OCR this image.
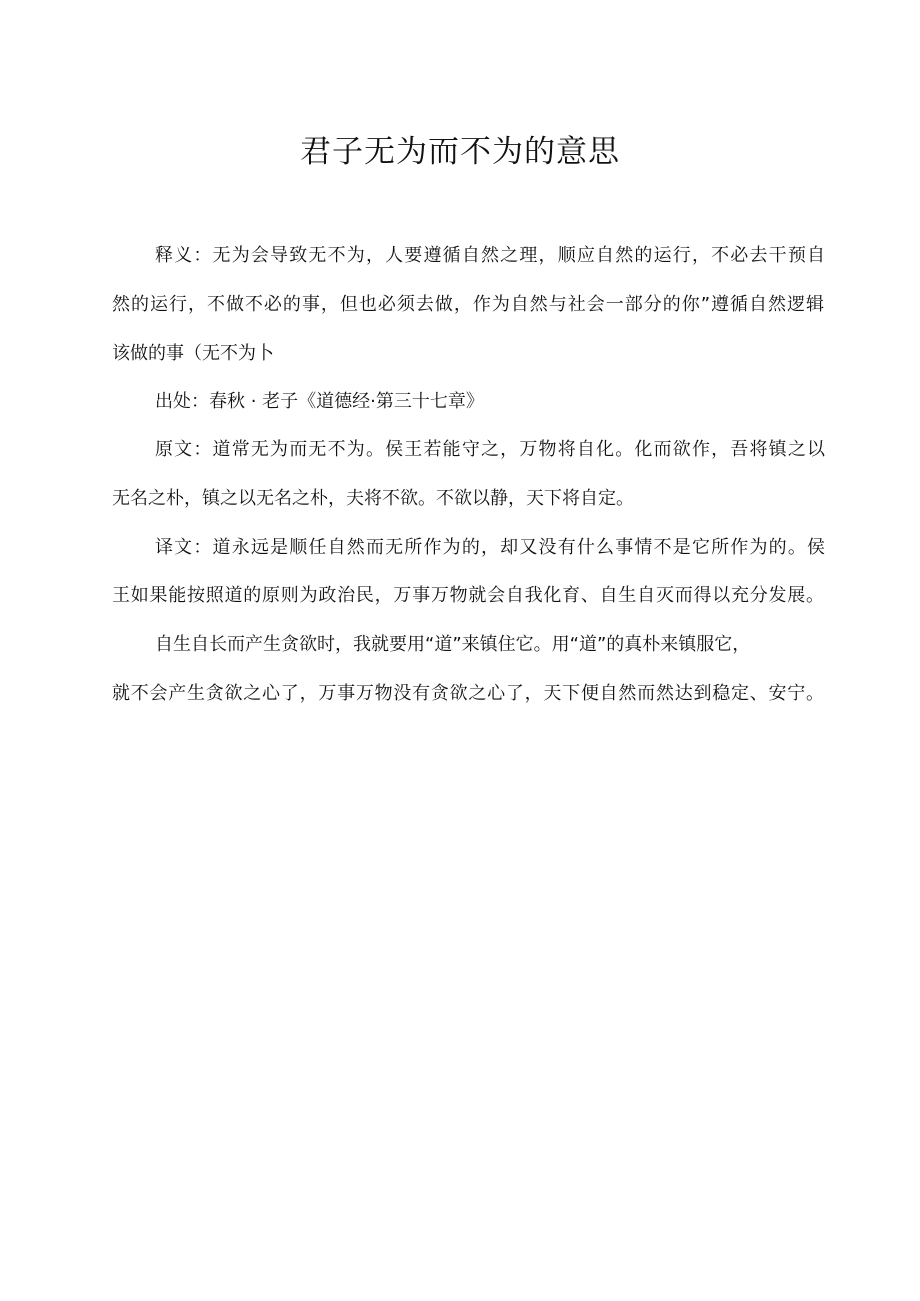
君子无为而不为的意思

释义：无为会导致无不为，人要遵循自然之理，顺应自然的运行，不必去干预自

然的运行，不做不必的事，但也必须去做，作为自然与社会一部分的你”遵循自然逻辑

该做的事（无不为卜

出处：春秋 · 老子《道德经·第三十七章》

原文：道常无为而无不为。侯王若能守之，万物将自化。化而欲作，吾将镇之以

无名之朴，镇之以无名之朴，夫将不欲。不欲以静，天下将自定。

译文：道永远是顺任自然而无所作为的，却又没有什么事情不是它所作为的。侯

王如果能按照道的原则为政治民，万事万物就会自我化育、自生自灭而得以充分发展。

自生自长而产生贪欲时，我就要用“道”来镇住它。用“道”的真朴来镇服它，

就不会产生贪欲之心了，万事万物没有贪欲之心了，天下便自然而然达到稳定、安宁。
